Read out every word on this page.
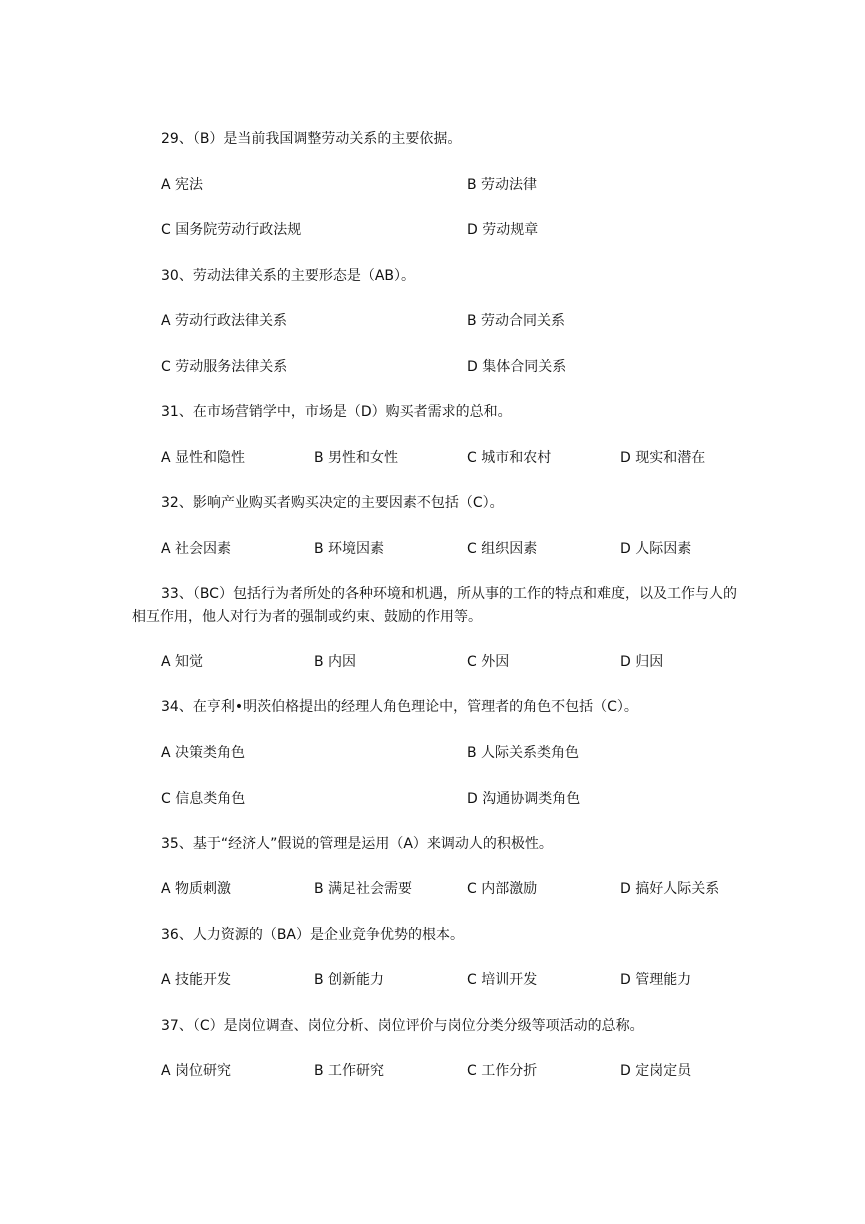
29、（B）是当前我国调整劳动关系的主要依据。
A 宪法	B 劳动法律
C 国务院劳动行政法规	D 劳动规章
30、劳动法律关系的主要形态是（AB）。
A 劳动行政法律关系	B 劳动合同关系
C 劳动服务法律关系	D 集体合同关系
31、在市场营销学中，市场是（D）购买者需求的总和。
A 显性和隐性	B 男性和女性	C 城市和农村	D 现实和潜在
32、影响产业购买者购买决定的主要因素不包括（C）。
A 社会因素	B 环境因素	C 组织因素	D 人际因素
33、（BC）包括行为者所处的各种环境和机遇，所从事的工作的特点和难度，以及工作与人的相互作用，他人对行为者的强制或约束、鼓励的作用等。
A 知觉	B 内因	C 外因	D 归因
34、在亨利•明茨伯格提出的经理人角色理论中，管理者的角色不包括（C）。
A 决策类角色	B 人际关系类角色
C 信息类角色	D 沟通协调类角色
35、基于“经济人”假说的管理是运用（A）来调动人的积极性。
A 物质刺激	B 满足社会需要	C 内部激励	D 搞好人际关系
36、人力资源的（BA）是企业竞争优势的根本。
A 技能开发	B 创新能力	C 培训开发	D 管理能力
37、（C）是岗位调查、岗位分析、岗位评价与岗位分类分级等项活动的总称。
A 岗位研究	B 工作研究	C 工作分折	D 定岗定员
